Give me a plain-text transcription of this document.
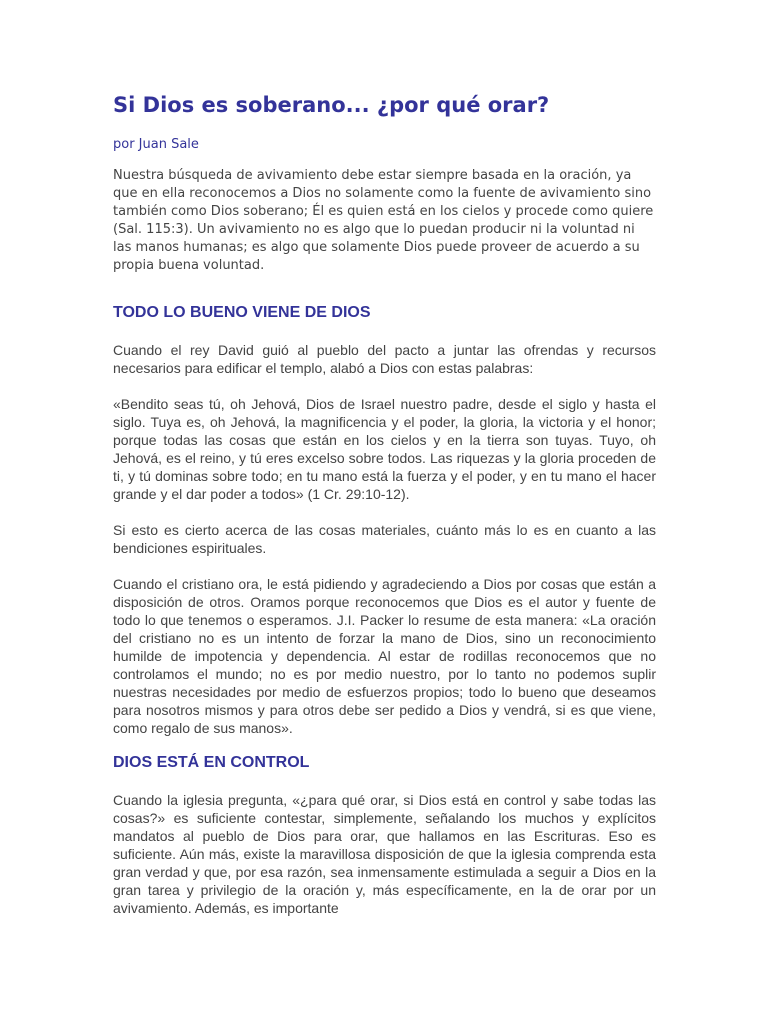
Si Dios es soberano... ¿por qué orar?

por Juan Sale

Nuestra búsqueda de avivamiento debe estar siempre basada en la oración, ya que en ella reconocemos a Dios no solamente como la fuente de avivamiento sino también como Dios soberano; Él es quien está en los cielos y procede como quiere (Sal. 115:3). Un avivamiento no es algo que lo puedan producir ni la voluntad ni las manos humanas; es algo que solamente Dios puede proveer de acuerdo a su propia buena voluntad.

TODO LO BUENO VIENE DE DIOS

Cuando el rey David guió al pueblo del pacto a juntar las ofrendas y recursos necesarios para edificar el templo, alabó a Dios con estas palabras:

«Bendito seas tú, oh Jehová, Dios de Israel nuestro padre, desde el siglo y hasta el siglo. Tuya es, oh Jehová, la magnificencia y el poder, la gloria, la victoria y el honor; porque todas las cosas que están en los cielos y en la tierra son tuyas. Tuyo, oh Jehová, es el reino, y tú eres excelso sobre todos. Las riquezas y la gloria proceden de ti, y tú dominas sobre todo; en tu mano está la fuerza y el poder, y en tu mano el hacer grande y el dar poder a todos» (1 Cr. 29:10-12).

Si esto es cierto acerca de las cosas materiales, cuánto más lo es en cuanto a las bendiciones espirituales.

Cuando el cristiano ora, le está pidiendo y agradeciendo a Dios por cosas que están a disposición de otros. Oramos porque reconocemos que Dios es el autor y fuente de todo lo que tenemos o esperamos. J.I. Packer lo resume de esta manera: «La oración del cristiano no es un intento de forzar la mano de Dios, sino un reconocimiento humilde de impotencia y dependencia. Al estar de rodillas reconocemos que no controlamos el mundo; no es por medio nuestro, por lo tanto no podemos suplir nuestras necesidades por medio de esfuerzos propios; todo lo bueno que deseamos para nosotros mismos y para otros debe ser pedido a Dios y vendrá, si es que viene, como regalo de sus manos».

DIOS ESTÁ EN CONTROL

Cuando la iglesia pregunta, «¿para qué orar, si Dios está en control y sabe todas las cosas?» es suficiente contestar, simplemente, señalando los muchos y explícitos mandatos al pueblo de Dios para orar, que hallamos en las Escrituras. Eso es suficiente. Aún más, existe la maravillosa disposición de que la iglesia comprenda esta gran verdad y que, por esa razón, sea inmensamente estimulada a seguir a Dios en la gran tarea y privilegio de la oración y, más específicamente, en la de orar por un avivamiento. Además, es importante
